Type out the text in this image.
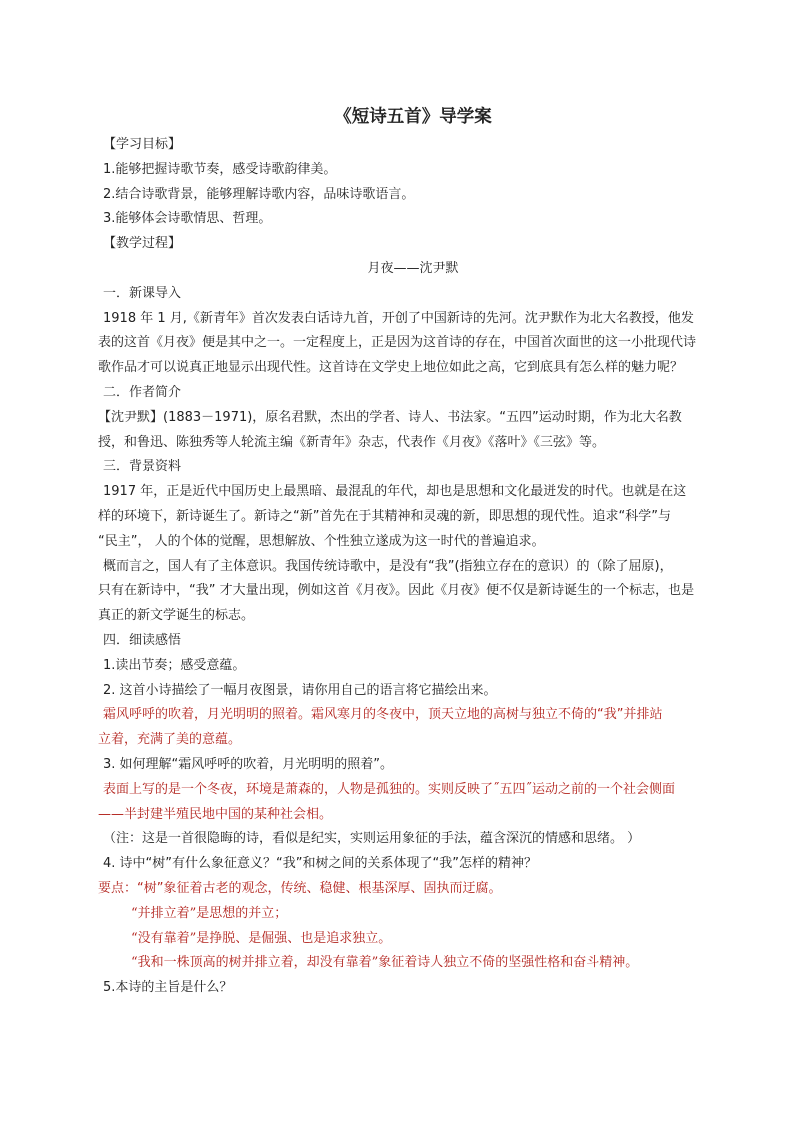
《短诗五首》导学案
【学习目标】
1.能够把握诗歌节奏，感受诗歌韵律美。
2.结合诗歌背景，能够理解诗歌内容，品味诗歌语言。
3.能够体会诗歌情思、哲理。
【教学过程】
月夜——沈尹默
一．新课导入
1918 年 1 月,《新青年》首次发表白话诗九首，开创了中国新诗的先河。沈尹默作为北大名教授，他发
表的这首《月夜》便是其中之一。一定程度上，正是因为这首诗的存在，中国首次面世的这一小批现代诗
歌作品才可以说真正地显示出现代性。这首诗在文学史上地位如此之高，它到底具有怎么样的魅力呢？
二．作者简介
【沈尹默】(1883－1971)，原名君默，杰出的学者、诗人、书法家。“五四”运动时期，作为北大名教
授，和鲁迅、陈独秀等人轮流主编《新青年》杂志，代表作《月夜》《落叶》《三弦》等。
三．背景资料
1917 年，正是近代中国历史上最黑暗、最混乱的年代，却也是思想和文化最迸发的时代。也就是在这
样的环境下，新诗诞生了。新诗之“新”首先在于其精神和灵魂的新，即思想的现代性。追求“科学”与
“民主”， 人的个体的觉醒，思想解放、个性独立遂成为这一时代的普遍追求。
概而言之，国人有了主体意识。我国传统诗歌中，是没有“我”(指独立存在的意识）的（除了屈原)，
只有在新诗中，“我” 才大量出现，例如这首《月夜》。因此《月夜》便不仅是新诗诞生的一个标志，也是
真正的新文学诞生的标志。
四．细读感悟
1.读出节奏；感受意蕴。
2. 这首小诗描绘了一幅月夜图景，请你用自己的语言将它描绘出来。
霜风呼呼的吹着，月光明明的照着。霜风寒月的冬夜中，顶天立地的高树与独立不倚的“我”并排站
立着，充满了美的意蕴。
3. 如何理解“霜风呼呼的吹着，月光明明的照着”。
表面上写的是一个冬夜，环境是萧森的，人物是孤独的。实则反映了˝五四˝运动之前的一个社会侧面
——半封建半殖民地中国的某种社会相。
（注：这是一首很隐晦的诗，看似是纪实，实则运用象征的手法，蕴含深沉的情感和思绪。 ）
4. 诗中“树”有什么象征意义？“我”和树之间的关系体现了“我”怎样的精神？
要点：“树”象征着古老的观念，传统、稳健、根基深厚、固执而迂腐。
“并排立着”是思想的并立；
“没有靠着”是挣脱、是倔强、也是追求独立。
“我和一株顶高的树并排立着，却没有靠着”象征着诗人独立不倚的坚强性格和奋斗精神。
5.本诗的主旨是什么？
